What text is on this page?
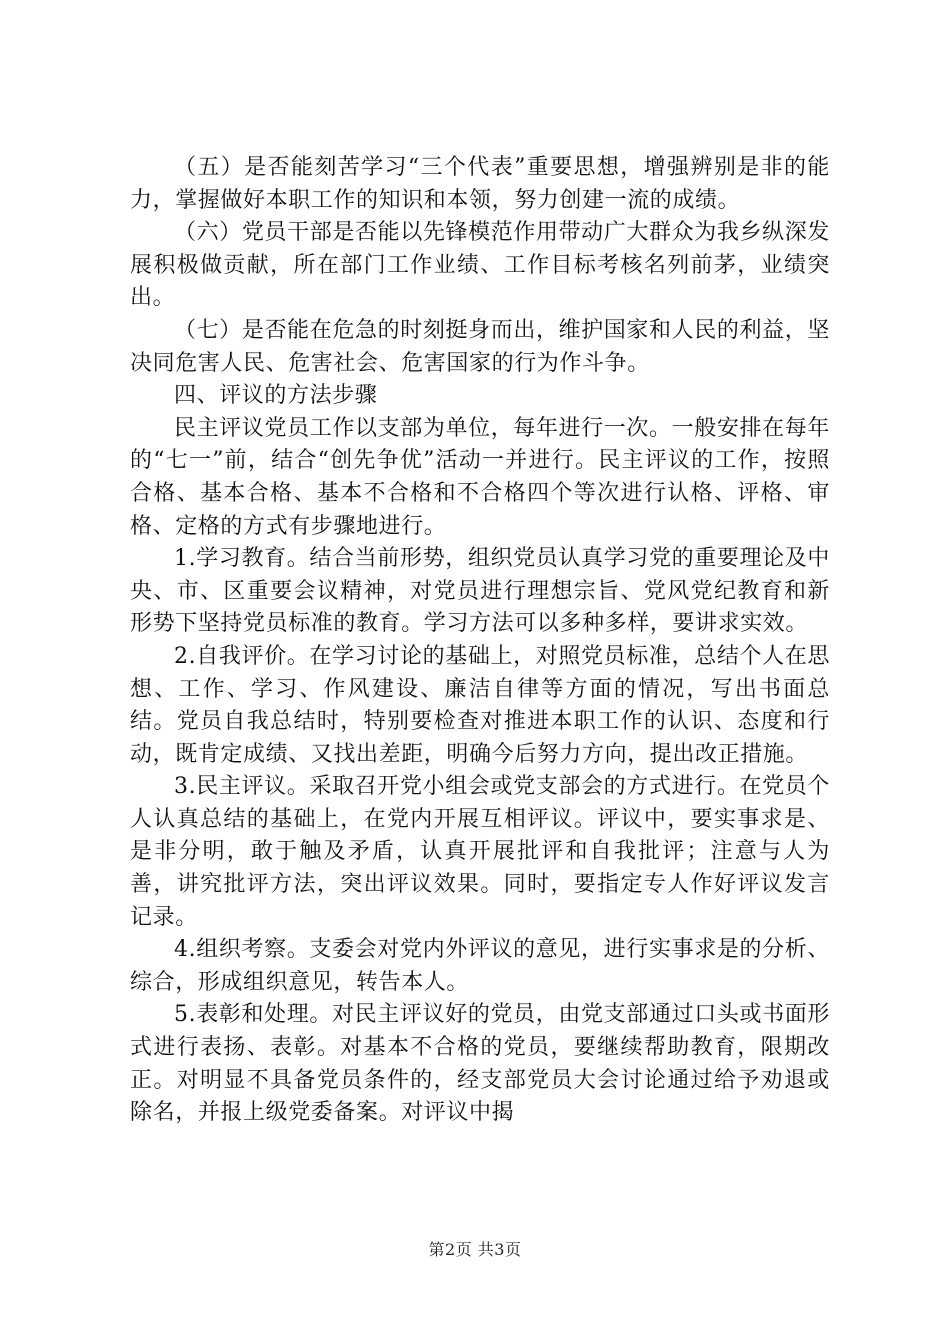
（五）是否能刻苦学习“三个代表”重要思想，增强辨别是非的能力，掌握做好本职工作的知识和本领，努力创建一流的成绩。

（六）党员干部是否能以先锋模范作用带动广大群众为我乡纵深发展积极做贡献，所在部门工作业绩、工作目标考核名列前茅，业绩突出。

（七）是否能在危急的时刻挺身而出，维护国家和人民的利益，坚决同危害人民、危害社会、危害国家的行为作斗争。

四、评议的方法步骤

民主评议党员工作以支部为单位，每年进行一次。一般安排在每年的“七一”前，结合“创先争优”活动一并进行。民主评议的工作，按照合格、基本合格、基本不合格和不合格四个等次进行认格、评格、审格、定格的方式有步骤地进行。

1.学习教育。结合当前形势，组织党员认真学习党的重要理论及中央、市、区重要会议精神，对党员进行理想宗旨、党风党纪教育和新形势下坚持党员标准的教育。学习方法可以多种多样，要讲求实效。

2.自我评价。在学习讨论的基础上，对照党员标准，总结个人在思想、工作、学习、作风建设、廉洁自律等方面的情况，写出书面总结。党员自我总结时，特别要检查对推进本职工作的认识、态度和行动，既肯定成绩、又找出差距，明确今后努力方向，提出改正措施。

3.民主评议。采取召开党小组会或党支部会的方式进行。在党员个人认真总结的基础上，在党内开展互相评议。评议中，要实事求是、是非分明，敢于触及矛盾，认真开展批评和自我批评；注意与人为善，讲究批评方法，突出评议效果。同时，要指定专人作好评议发言记录。

4.组织考察。支委会对党内外评议的意见，进行实事求是的分析、综合，形成组织意见，转告本人。

5.表彰和处理。对民主评议好的党员，由党支部通过口头或书面形式进行表扬、表彰。对基本不合格的党员，要继续帮助教育，限期改正。对明显不具备党员条件的，经支部党员大会讨论通过给予劝退或除名，并报上级党委备案。对评议中揭

第2页 共3页
